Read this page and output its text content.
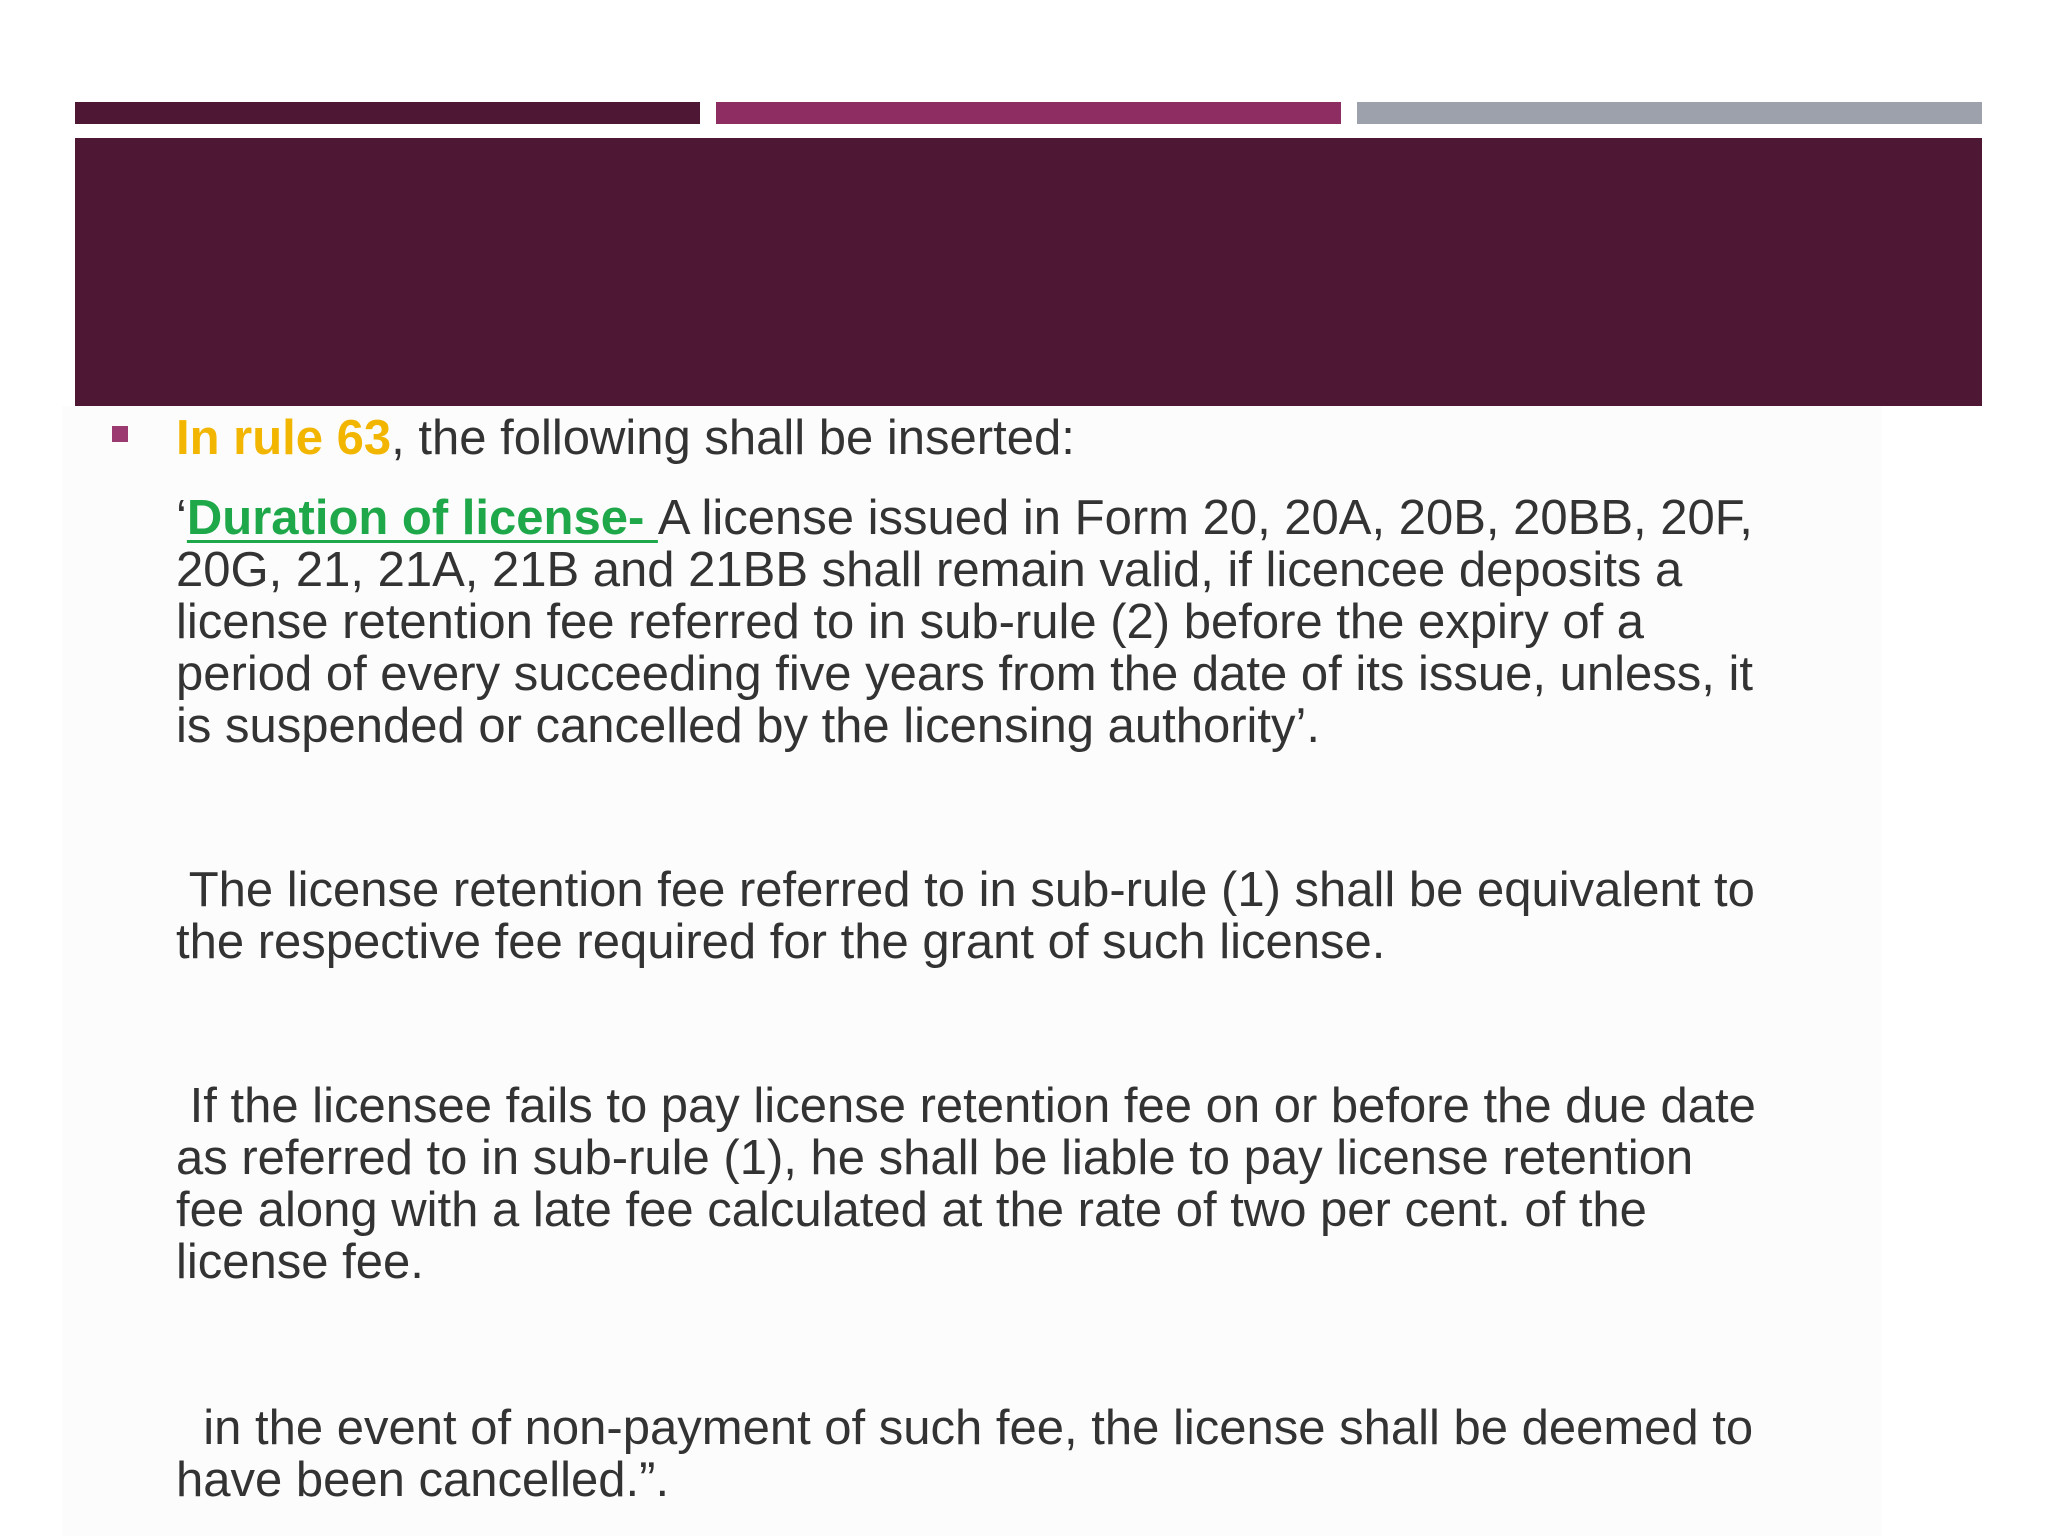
In rule 63, the following shall be inserted:
‘Duration of license- A license issued in Form 20, 20A, 20B, 20BB, 20F,
20G, 21, 21A, 21B and 21BB shall remain valid, if licencee deposits a
license retention fee referred to in sub-rule (2) before the expiry of a
period of every succeeding five years from the date of its issue, unless, it
is suspended or cancelled by the licensing authority’.
The license retention fee referred to in sub-rule (1) shall be equivalent to
the respective fee required for the grant of such license.
If the licensee fails to pay license retention fee on or before the due date
as referred to in sub-rule (1), he shall be liable to pay license retention
fee along with a late fee calculated at the rate of two per cent. of the
license fee.
in the event of non-payment of such fee, the license shall be deemed to
have been cancelled.”.
